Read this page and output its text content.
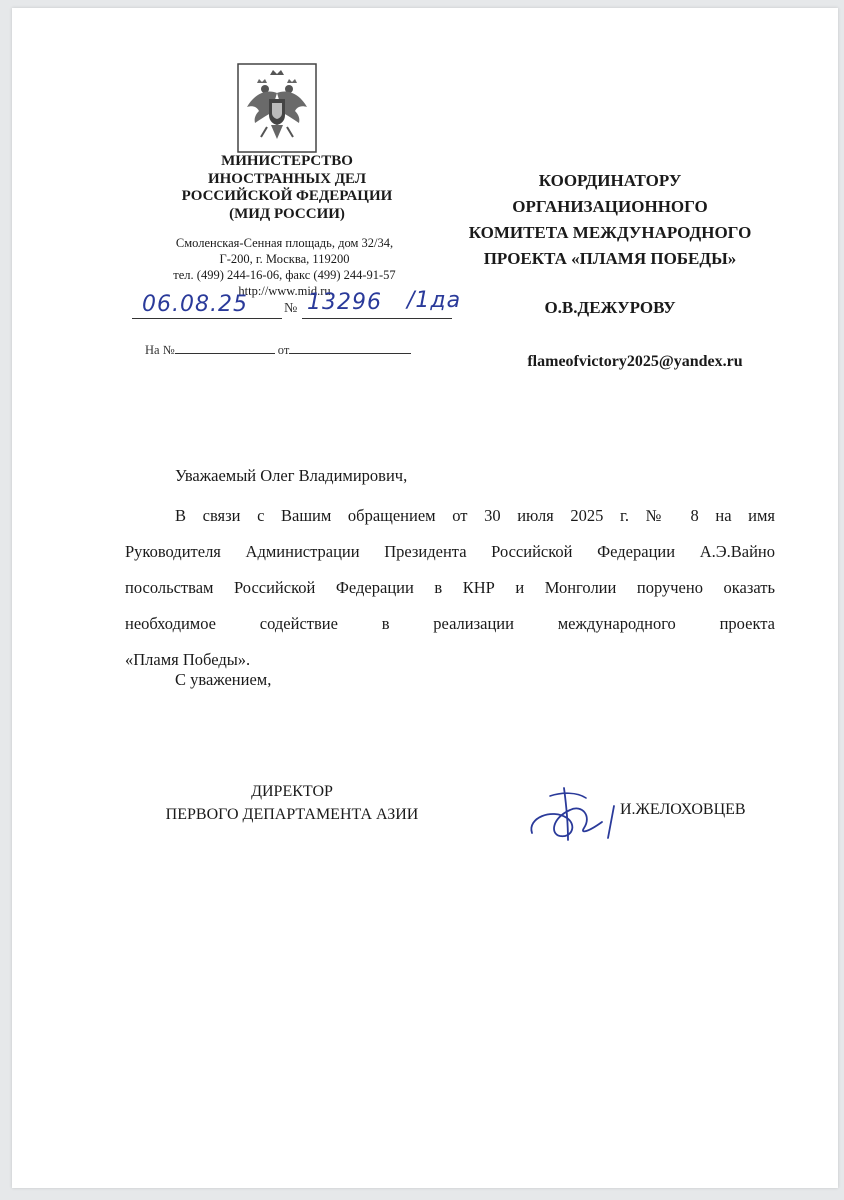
МИНИСТЕРСТВО
ИНОСТРАННЫХ ДЕЛ
РОССИЙСКОЙ ФЕДЕРАЦИИ
(МИД РОССИИ)
Смоленская-Сенная площадь, дом 32/34,
Г-200, г. Москва, 119200
тел. (499) 244-16-06, факс (499) 244-91-57
http://www.mid.ru
06.08.25	№ 13296 /1да
На №	от
КООРДИНАТОРУ
ОРГАНИЗАЦИОННОГО
КОМИТЕТА МЕЖДУНАРОДНОГО
ПРОЕКТА «ПЛАМЯ ПОБЕДЫ»
О.В.ДЕЖУРОВУ
flameofvictory2025@yandex.ru
Уважаемый Олег Владимирович,
В связи с Вашим обращением от 30 июля 2025 г. № 8 на имя
Руководителя Администрации Президента Российской Федерации А.Э.Вайно
посольствам Российской Федерации в КНР и Монголии поручено оказать
необходимое содействие в реализации международного проекта
«Пламя Победы».
С уважением,
ДИРЕКТОР
ПЕРВОГО ДЕПАРТАМЕНТА АЗИИ	И.ЖЕЛОХОВЦЕВ
